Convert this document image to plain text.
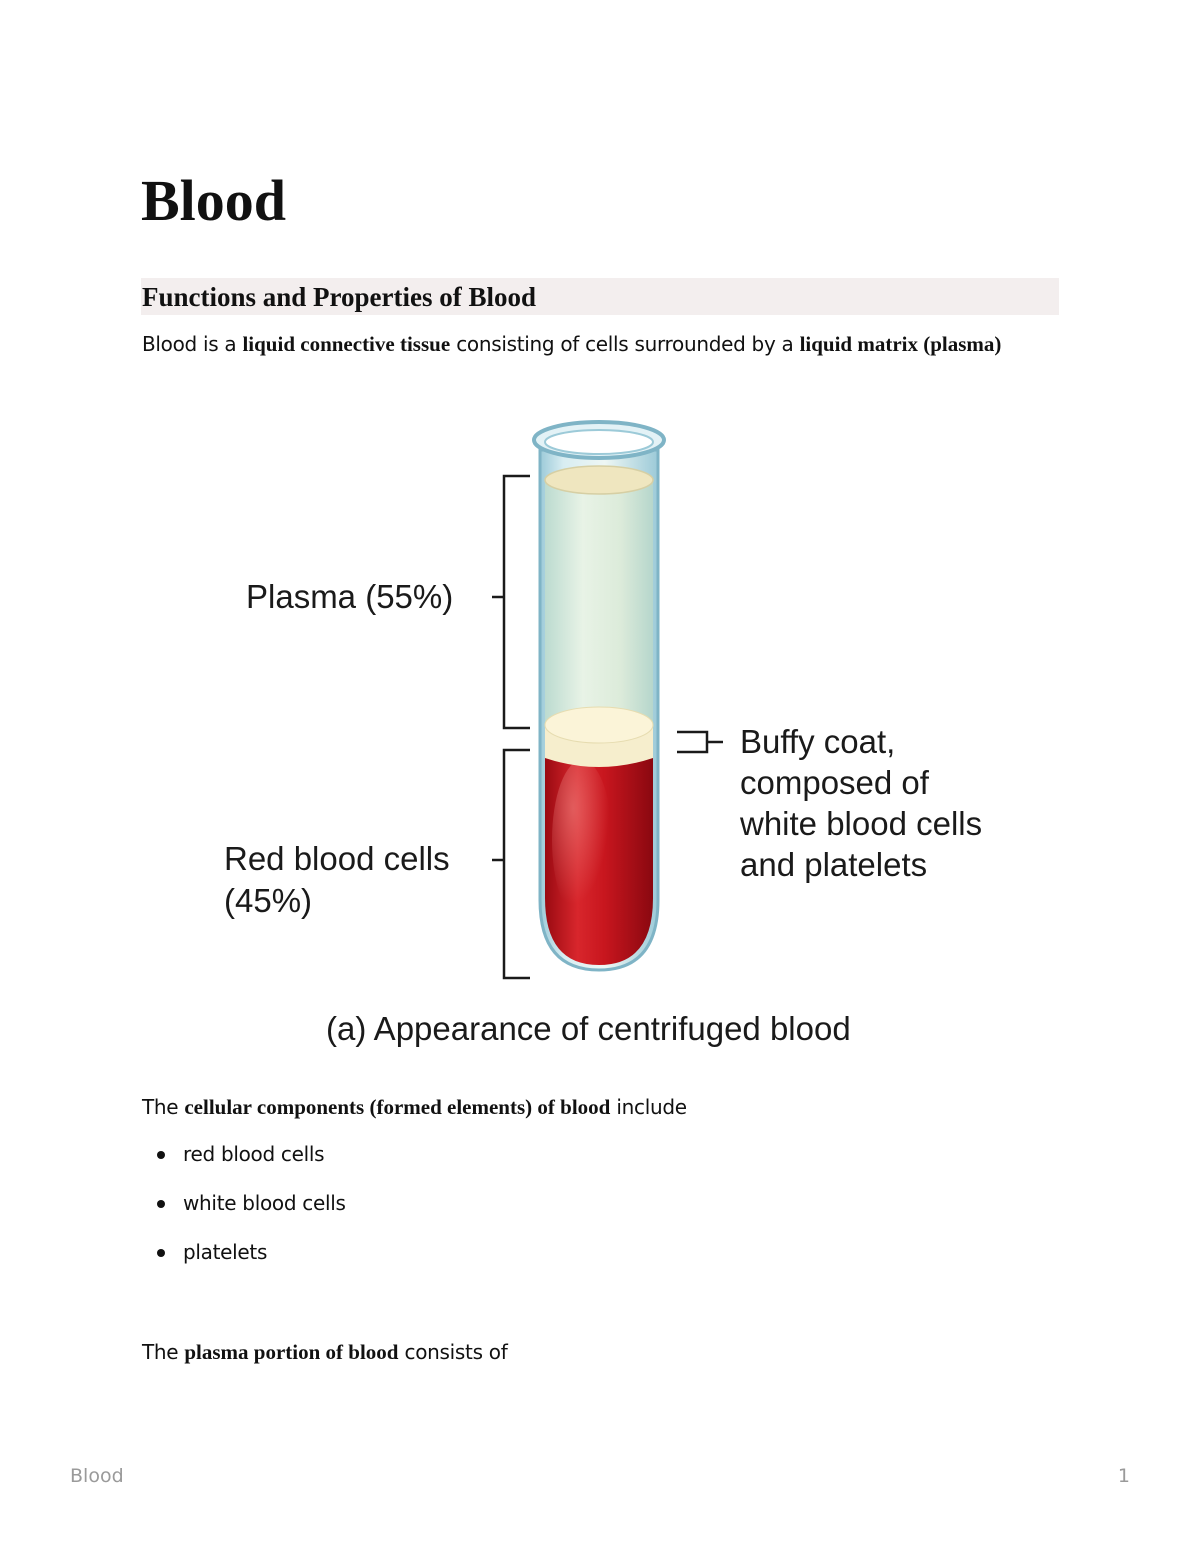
Blood
Functions and Properties of Blood

Blood is a liquid connective tissue consisting of cells surrounded by a liquid matrix (plasma)

Plasma (55%)
Red blood cells
(45%)
Buffy coat,
composed of
white blood cells
and platelets
(a) Appearance of centrifuged blood

The cellular components (formed elements) of blood include

red blood cells
white blood cells
platelets

The plasma portion of blood consists of

Blood	1
